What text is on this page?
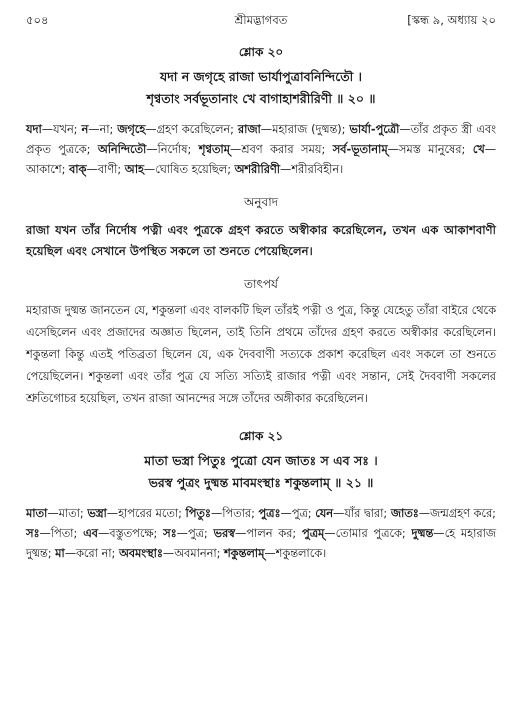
৫০৪	শ্রীমদ্ভাগবত	[স্কন্ধ ৯, অধ্যায় ২০
শ্লোক ২০
যদা ন জগৃহে রাজা ভার্যাপুত্রাবনিন্দিতৌ ।
শৃণ্বতাং সর্বভূতানাং খে বাগাহাশরীরিণী ॥ ২০ ॥
যদা—যখন; ন—না; জগৃহে—গ্রহণ করেছিলেন; রাজা—মহারাজ (দুষ্মন্ত); ভার্যা-পুত্রৌ—তাঁর প্রকৃত স্ত্রী এবং প্রকৃত পুত্রকে; অনিন্দিতৌ—নির্দোষ; শৃণ্বতাম্—শ্রবণ করার সময়; সর্ব-ভূতানাম্—সমস্ত মানুষের; খে—আকাশে; বাক্—বাণী; আহ—ঘোষিত হয়েছিল; অশরীরিণী—শরীরবিহীন।
অনুবাদ
রাজা যখন তাঁর নির্দোষ পত্নী এবং পুত্রকে গ্রহণ করতে অস্বীকার করেছিলেন, তখন এক আকাশবাণী হয়েছিল এবং সেখানে উপস্থিত সকলে তা শুনতে পেয়েছিলেন।
তাৎপর্য
মহারাজ দুষ্মন্ত জানতেন যে, শকুন্তলা এবং বালকটি ছিল তাঁরই পত্নী ও পুত্র, কিন্তু যেহেতু তাঁরা বাইরে থেকে এসেছিলেন এবং প্রজাদের অজ্ঞাত ছিলেন, তাই তিনি প্রথমে তাঁদের গ্রহণ করতে অস্বীকার করেছিলেন। শকুন্তলা কিন্তু এতই পতিব্রতা ছিলেন যে, এক দৈববাণী সত্যকে প্রকাশ করেছিল এবং সকলে তা শুনতে পেয়েছিলেন। শকুন্তলা এবং তাঁর পুত্র যে সত্যি সত্যিই রাজার পত্নী এবং সন্তান, সেই দৈববাণী সকলের শ্রুতিগোচর হয়েছিল, তখন রাজা আনন্দের সঙ্গে তাঁদের অঙ্গীকার করেছিলেন।
শ্লোক ২১
মাতা ভস্ত্রা পিতুঃ পুত্রো যেন জাতঃ স এব সঃ ।
ভরস্ব পুত্রং দুষ্মন্ত মাবমংস্থাঃ শকুন্তলাম্ ॥ ২১ ॥
মাতা—মাতা; ভস্ত্রা—হাপরের মতো; পিতুঃ—পিতার; পুত্রঃ—পুত্র; যেন—যাঁর দ্বারা; জাতঃ—জন্মগ্রহণ করে; সঃ—পিতা; এব—বস্তুতপক্ষে; সঃ—পুত্র; ভরস্ব—পালন কর; পুত্রম্—তোমার পুত্রকে; দুষ্মন্ত—হে মহারাজ দুষ্মন্ত; মা—করো না; অবমংস্থাঃ—অবমাননা; শকুন্তলাম্—শকুন্তলাকে।
